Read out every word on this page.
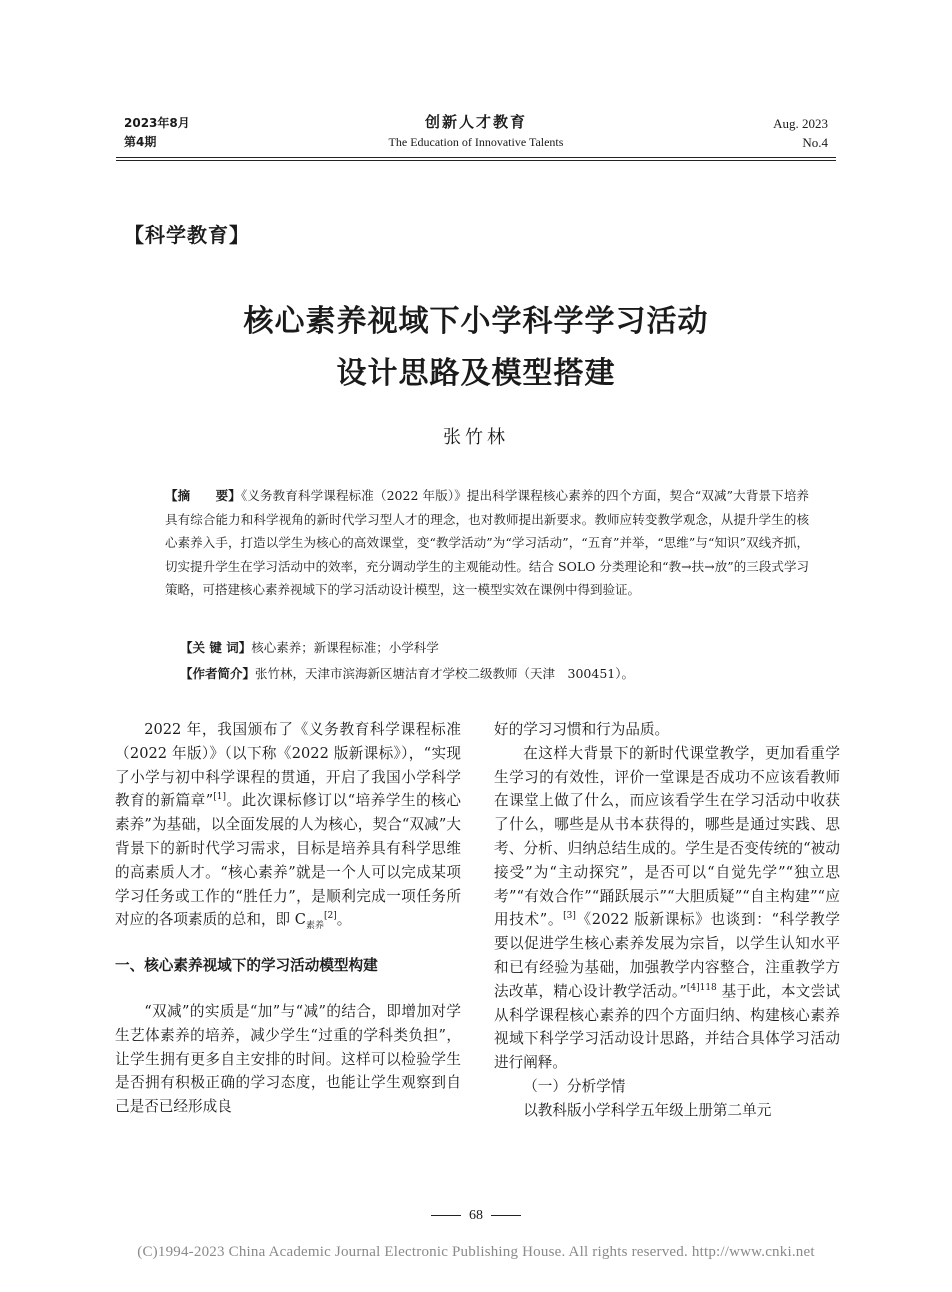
2023年8月
第4期
创新人才教育
The Education of Innovative Talents
Aug. 2023
No.4
【科学教育】
核心素养视域下小学科学学习活动
设计思路及模型搭建
张竹林
【摘　　要】《义务教育科学课程标准（2022 年版）》提出科学课程核心素养的四个方面，契合“双减”大背景下培养具有综合能力和科学视角的新时代学习型人才的理念，也对教师提出新要求。教师应转变教学观念，从提升学生的核心素养入手，打造以学生为核心的高效课堂，变“教学活动”为“学习活动”，“五育”并举，“思维”与“知识”双线齐抓，切实提升学生在学习活动中的效率，充分调动学生的主观能动性。结合 SOLO 分类理论和“教→扶→放”的三段式学习策略，可搭建核心素养视域下的学习活动设计模型，这一模型实效在课例中得到验证。
【关 键 词】核心素养；新课程标准；小学科学
【作者简介】张竹林，天津市滨海新区塘沽育才学校二级教师（天津　300451）。

2022 年，我国颁布了《义务教育科学课程标准（2022 年版）》（以下称《2022 版新课标》），“实现了小学与初中科学课程的贯通，开启了我国小学科学教育的新篇章”[1]。此次课标修订以“培养学生的核心素养”为基础，以全面发展的人为核心，契合“双减”大背景下的新时代学习需求，目标是培养具有科学思维的高素质人才。“核心素养”就是一个人可以完成某项学习任务或工作的“胜任力”，是顺利完成一项任务所对应的各项素质的总和，即 $C_{素养}[2]$。

一、核心素养视域下的学习活动模型构建

“双减”的实质是“加”与“减”的结合，即增加对学生艺体素养的培养，减少学生“过重的学科类负担”，让学生拥有更多自主安排的时间。这样可以检验学生是否拥有积极正确的学习态度，也能让学生观察到自己是否已经形成良

好的学习习惯和行为品质。

在这样大背景下的新时代课堂教学，更加看重学生学习的有效性，评价一堂课是否成功不应该看教师在课堂上做了什么，而应该看学生在学习活动中收获了什么，哪些是从书本获得的，哪些是通过实践、思考、分析、归纳总结生成的。学生是否变传统的“被动接受”为“主动探究”，是否可以“自觉先学”“独立思考”“有效合作”“踊跃展示”“大胆质疑”“自主构建”“应用技术”。[3]《2022 版新课标》也谈到：“科学教学要以促进学生核心素养发展为宗旨，以学生认知水平和已有经验为基础，加强教学内容整合，注重教学方法改革，精心设计教学活动。”$^{[4]118}$ 基于此，本文尝试从科学课程核心素养的四个方面归纳、构建核心素养视域下科学学习活动设计思路，并结合具体学习活动进行阐释。

（一）分析学情

以教科版小学科学五年级上册第二单元

68
(C)1994-2023 China Academic Journal Electronic Publishing House. All rights reserved. http://www.cnki.net
